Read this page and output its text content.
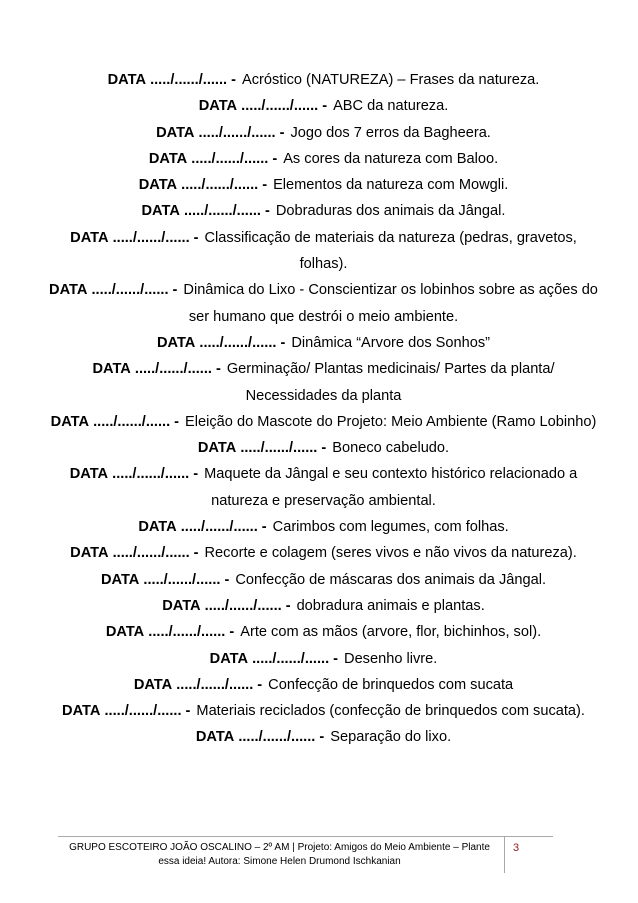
DATA ...../....../...... - Acróstico (NATUREZA) – Frases da natureza.

DATA ...../....../...... - ABC da natureza.

DATA ...../....../...... - Jogo dos 7 erros da Bagheera.

DATA ...../....../...... - As cores da natureza com Baloo.

DATA ...../....../...... - Elementos da natureza com Mowgli.

DATA ...../....../...... - Dobraduras dos animais da Jângal.

DATA ...../....../...... - Classificação de materiais da natureza (pedras, gravetos, folhas).

DATA ...../....../...... - Dinâmica do Lixo - Conscientizar os lobinhos sobre as ações do ser humano que destrói o meio ambiente.

DATA ...../....../...... - Dinâmica “Arvore dos Sonhos”

DATA ...../....../...... - Germinação/ Plantas medicinais/ Partes da planta/ Necessidades da planta

DATA ...../....../...... - Eleição do Mascote do Projeto: Meio Ambiente (Ramo Lobinho)

DATA ...../....../...... - Boneco cabeludo.

DATA ...../....../...... - Maquete da Jângal e seu contexto histórico relacionado a natureza e preservação ambiental.

DATA ...../....../...... - Carimbos com legumes, com folhas.

DATA ...../....../...... - Recorte e colagem (seres vivos e não vivos da natureza).

DATA ...../....../...... - Confecção de máscaras dos animais da Jângal.

DATA ...../....../...... - dobradura animais e plantas.

DATA ...../....../...... - Arte com as mãos (arvore, flor, bichinhos, sol).

DATA ...../....../...... - Desenho livre.

DATA ...../....../...... - Confecção de brinquedos com sucata

DATA ...../....../...... - Materiais reciclados (confecção de brinquedos com sucata).

DATA ...../....../...... - Separação do lixo.

GRUPO ESCOTEIRO JOÃO OSCALINO – 2º AM | Projeto: Amigos do Meio Ambiente – Plante essa ideia! Autora: Simone Helen Drumond Ischkanian
3
